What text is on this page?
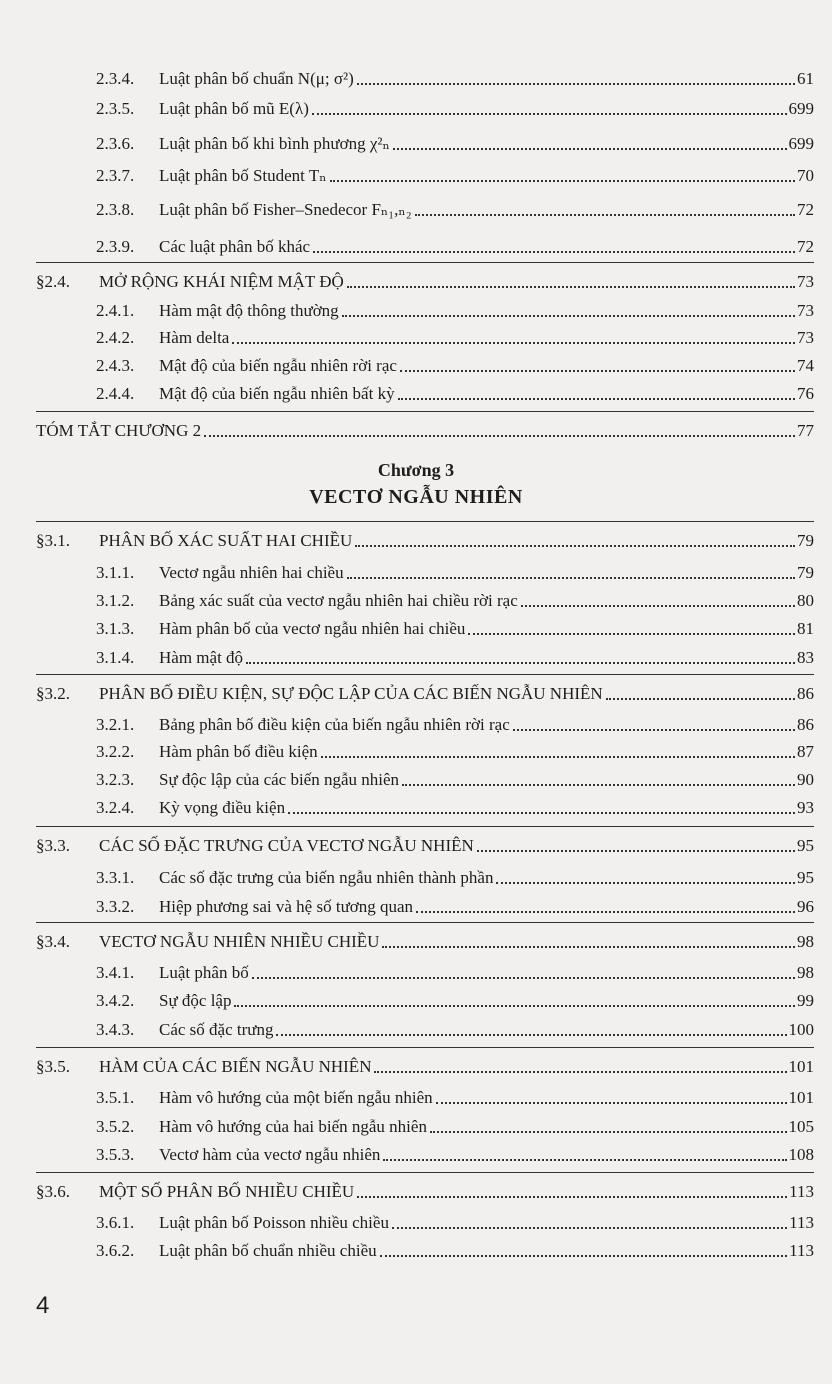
2.3.4.	Luật phân bố chuẩn N(μ; σ²)	61
2.3.5.	Luật phân bố mũ E(λ)	699
2.3.6.	Luật phân bố khi bình phương χ²ₙ	699
2.3.7.	Luật phân bố Student Tₙ	70
2.3.8.	Luật phân bố Fisher–Snedecor Fₙ₁,ₙ₂	72
2.3.9.	Các luật phân bố khác	72
§2.4.	MỞ RỘNG KHÁI NIỆM MẬT ĐỘ	73
2.4.1.	Hàm mật độ thông thường	73
2.4.2.	Hàm delta	73
2.4.3.	Mật độ của biến ngẫu nhiên rời rạc	74
2.4.4.	Mật độ của biến ngẫu nhiên bất kỳ	76
TÓM TẮT CHƯƠNG 2	77
Chương 3
VECTƠ NGẪU NHIÊN
§3.1.	PHÂN BỐ XÁC SUẤT HAI CHIỀU	79
3.1.1.	Vectơ ngẫu nhiên hai chiều	79
3.1.2.	Bảng xác suất của vectơ ngẫu nhiên hai chiều rời rạc	80
3.1.3.	Hàm phân bố của vectơ ngẫu nhiên hai chiều	81
3.1.4.	Hàm mật độ	83
§3.2.	PHÂN BỐ ĐIỀU KIỆN, SỰ ĐỘC LẬP CỦA CÁC BIẾN NGẪU NHIÊN	86
3.2.1.	Bảng phân bố điều kiện của biến ngẫu nhiên rời rạc	86
3.2.2.	Hàm phân bố điều kiện	87
3.2.3.	Sự độc lập của các biến ngẫu nhiên	90
3.2.4.	Kỳ vọng điều kiện	93
§3.3.	CÁC SỐ ĐẶC TRƯNG CỦA VECTƠ NGẪU NHIÊN	95
3.3.1.	Các số đặc trưng của biến ngẫu nhiên thành phần	95
3.3.2.	Hiệp phương sai và hệ số tương quan	96
§3.4.	VECTƠ NGẪU NHIÊN NHIỀU CHIỀU	98
3.4.1.	Luật phân bố	98
3.4.2.	Sự độc lập	99
3.4.3.	Các số đặc trưng	100
§3.5.	HÀM CỦA CÁC BIẾN NGẪU NHIÊN	101
3.5.1.	Hàm vô hướng của một biến ngẫu nhiên	101
3.5.2.	Hàm vô hướng của hai biến ngẫu nhiên	105
3.5.3.	Vectơ hàm của vectơ ngẫu nhiên	108
§3.6.	MỘT SỐ PHÂN BỐ NHIỀU CHIỀU	113
3.6.1.	Luật phân bố Poisson nhiều chiều	113
3.6.2.	Luật phân bố chuẩn nhiều chiều	113
4
